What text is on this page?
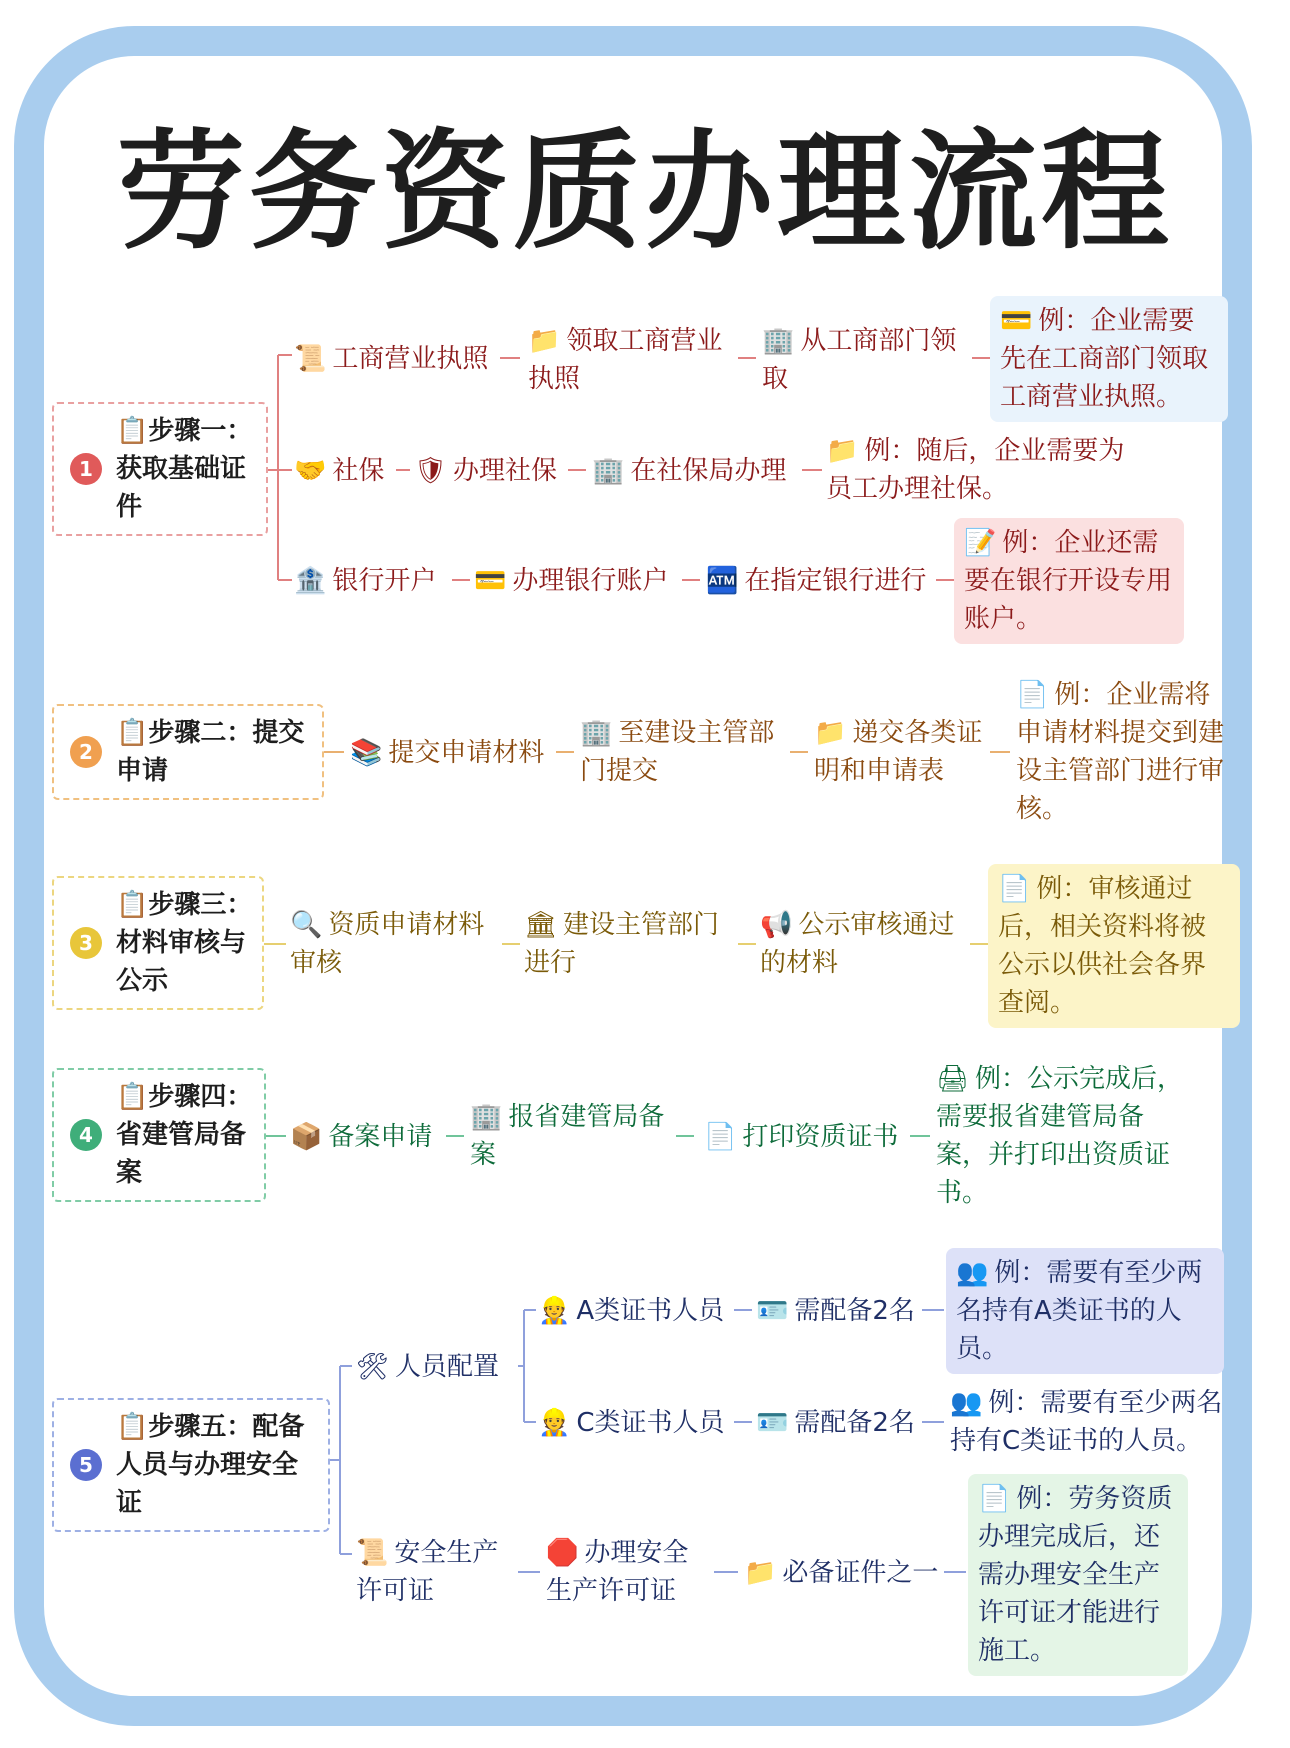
劳务资质办理流程
1
📋步骤一：获取基础证件
📜 工商营业执照
📁 领取工商营业执照
🏢 从工商部门领取
💳 例：企业需要先在工商部门领取工商营业执照。
🤝 社保 🛡 办理社保 🏢 在社保局办理
📁 例：随后，企业需要为员工办理社保。
🏦 银行开户 💳 办理银行账户 🏧 在指定银行进行
📝 例：企业还需要在银行开设专用账户。
2
📋步骤二：提交申请
📚 提交申请材料
🏢 至建设主管部门提交
📁 递交各类证明和申请表
📄 例：企业需将申请材料提交到建设主管部门进行审核。
3
📋步骤三：材料审核与公示
🔍 资质申请材料审核
🏛 建设主管部门进行
📢 公示审核通过的材料
📄 例：审核通过后，相关资料将被公示以供社会各界查阅。
4
📋步骤四：省建管局备案
📦 备案申请
🏢 报省建管局备案
📄 打印资质证书
🖨 例：公示完成后，需要报省建管局备案，并打印出资质证书。
5
📋步骤五：配备人员与办理安全证
🛠 人员配置
👷 A类证书人员 🪪 需配备2名
👥 例：需要有至少两名持有A类证书的人员。
👷 C类证书人员 🪪 需配备2名
👥 例：需要有至少两名持有C类证书的人员。
📜 安全生产许可证
🛑 办理安全生产许可证
📁 必备证件之一
📄 例：劳务资质办理完成后，还需办理安全生产许可证才能进行施工。
